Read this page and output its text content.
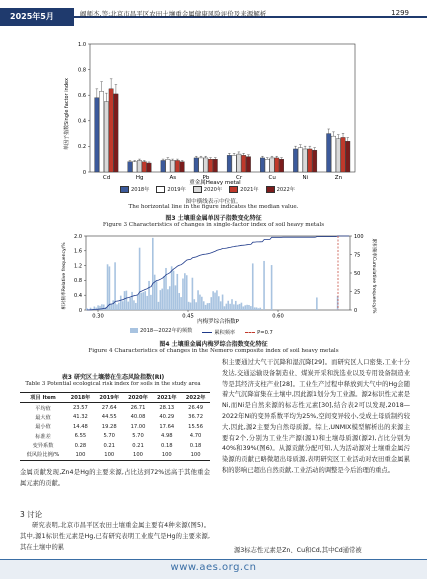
2025年5月	阚师杰,等:北京市昌平区农田土壤重金属健康风险评价及来源解析	1299
单因子指数Single factor index
0
0.2
0.4
0.6
0.8
1.0
Cd	Hg	As	Pb	Cr	Cu	Ni	Zn
重金属Heavy metal
2018年	2019年	2020年	2021年	2022年
图中横线表示中位值。
The horizontal line in the figure indicates the median value.
图3 土壤重金属单因子指数变化特征
Figure 3 Characteristics of changes in single-factor index of soil heavy metals
相对频率Relative frequency/%	累积频率Cumulative frequency/%
0
0.4
0.8
1.2
1.6
2.0
0
25
50
75
100
0.30	0.45	0.60
内梅罗综合指数P
2018—2022年的频数	累积频率	P=0.7
图4 土壤重金属内梅罗综合指数变化特征
Figure 4 Characteristics of changes in the Nemero composite index of soil heavy metals
表3 研究区土壤潜在生态风险指数(RI)
Table 3 Potential ecological risk index for soils in the study area
项目 Item	2018年	2019年	2020年	2021年	2022年
平均值	23.57	27.64	26.71	28.13	26.49
最大值	41.32	44.55	40.08	40.29	36.72
最小值	14.48	19.28	17.00	17.64	15.56
标准差	6.55	5.70	5.70	4.98	4.70
变异系数	0.28	0.21	0.21	0.18	0.18
低风险比例/%	100	100	100	100	100
金属贡献发现,Zn4是Hg的主要来源,占比达到72%远高于其他重金属元素的贡献。
3 讨论
研究表明,北京市昌平区农田土壤重金属主要有4种来源(图5)。其中,源1标识性元素是Hg,已有研究表明工业废气是Hg的主要来源,其在土壤中的累
积主要通过大气干沉降和湿沉降[29]。而研究区人口密集,工业十分发达,交通运输设备制造业、煤炭开采和洗选业以及专用设备制造业等是其经济支柱产业[28]。工业生产过程中释放到大气中的Hg会随着大气沉降富集在土壤中,因此源1划分为工业源。源2标识性元素是Ni,而Ni是自然来源的标志性元素[30],结合表2可以发现,2018—2022年Ni的变异系数平均为25%,空间变异较小,受成土母质制约较大,因此,源2主要为自然母质源。综上,UNMIX模型解析出的来源主要有2个,分别为工业生产源(源1)和土壤母质源(源2),占比分别为40%和39%(图6)。从源贡献分配可知,人为活动源对土壤重金属污染源的贡献已略微超出母质源,表明研究区工业活动对农田重金属累积的影响已超出自然贡献,工业活动的调整是今后治理的重点。
源3标志性元素是Zn、Cu和Cd,其中Cd通常被
www.aes.org.cn
